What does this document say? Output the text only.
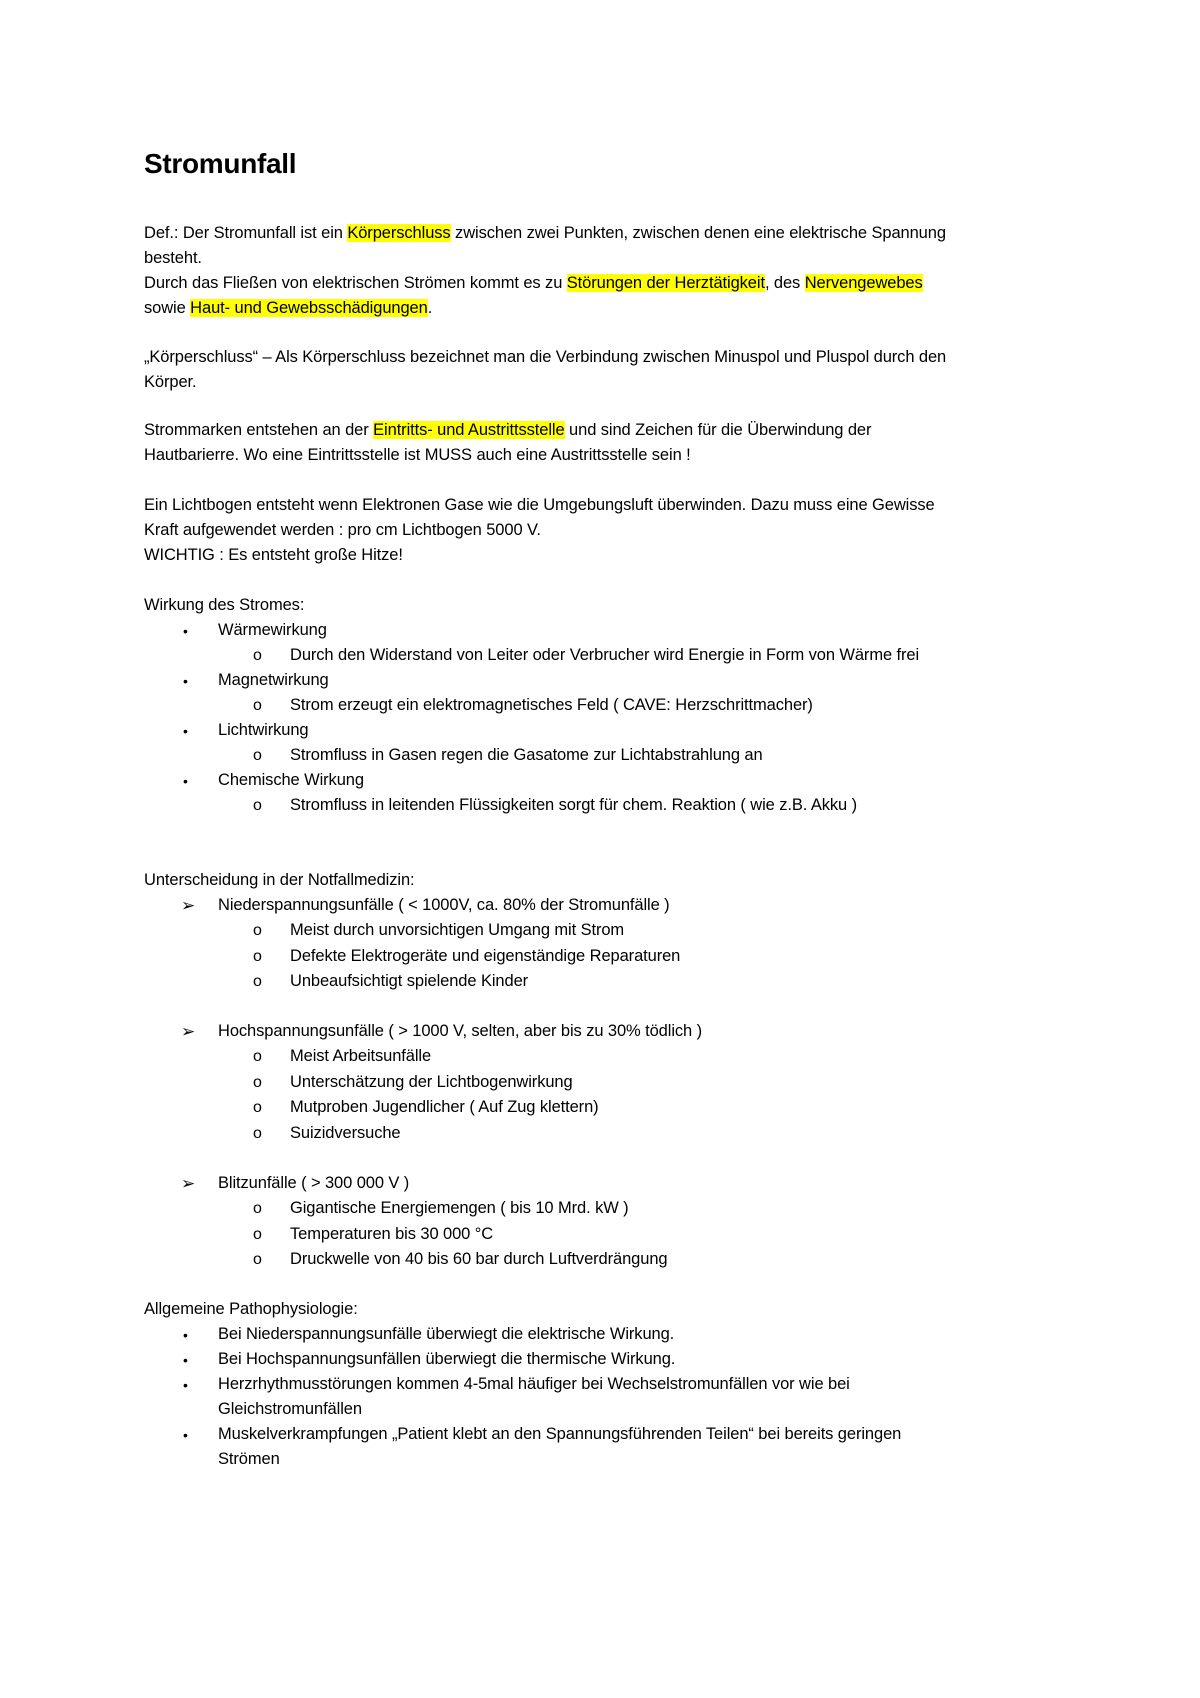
Stromunfall
Def.: Der Stromunfall ist ein Körperschluss zwischen zwei Punkten, zwischen denen eine elektrische Spannung
besteht.
Durch das Fließen von elektrischen Strömen kommt es zu Störungen der Herztätigkeit, des Nervengewebes
sowie Haut- und Gewebsschädigungen.
„Körperschluss“ – Als Körperschluss bezeichnet man die Verbindung zwischen Minuspol und Pluspol durch den
Körper.
Strommarken entstehen an der Eintritts- und Austrittsstelle und sind Zeichen für die Überwindung der
Hautbarierre. Wo eine Eintrittsstelle ist MUSS auch eine Austrittsstelle sein !
Ein Lichtbogen entsteht wenn Elektronen Gase wie die Umgebungsluft überwinden. Dazu muss eine Gewisse
Kraft aufgewendet werden : pro cm Lichtbogen 5000 V.
WICHTIG : Es entsteht große Hitze!
Wirkung des Stromes:
• Wärmewirkung
o Durch den Widerstand von Leiter oder Verbrucher wird Energie in Form von Wärme frei
• Magnetwirkung
o Strom erzeugt ein elektromagnetisches Feld ( CAVE: Herzschrittmacher)
• Lichtwirkung
o Stromfluss in Gasen regen die Gasatome zur Lichtabstrahlung an
• Chemische Wirkung
o Stromfluss in leitenden Flüssigkeiten sorgt für chem. Reaktion ( wie z.B. Akku )
Unterscheidung in der Notfallmedizin:
➢ Niederspannungsunfälle ( < 1000V, ca. 80% der Stromunfälle )
o Meist durch unvorsichtigen Umgang mit Strom
o Defekte Elektrogeräte und eigenständige Reparaturen
o Unbeaufsichtigt spielende Kinder
➢ Hochspannungsunfälle ( > 1000 V, selten, aber bis zu 30% tödlich )
o Meist Arbeitsunfälle
o Unterschätzung der Lichtbogenwirkung
o Mutproben Jugendlicher ( Auf Zug klettern)
o Suizidversuche
➢ Blitzunfälle ( > 300 000 V )
o Gigantische Energiemengen ( bis 10 Mrd. kW )
o Temperaturen bis 30 000 °C
o Druckwelle von 40 bis 60 bar durch Luftverdrängung
Allgemeine Pathophysiologie:
• Bei Niederspannungsunfälle überwiegt die elektrische Wirkung.
• Bei Hochspannungsunfällen überwiegt die thermische Wirkung.
• Herzrhythmusstörungen kommen 4-5mal häufiger bei Wechselstromunfällen vor wie bei
Gleichstromunfällen
• Muskelverkrampfungen „Patient klebt an den Spannungsführenden Teilen“ bei bereits geringen
Strömen
